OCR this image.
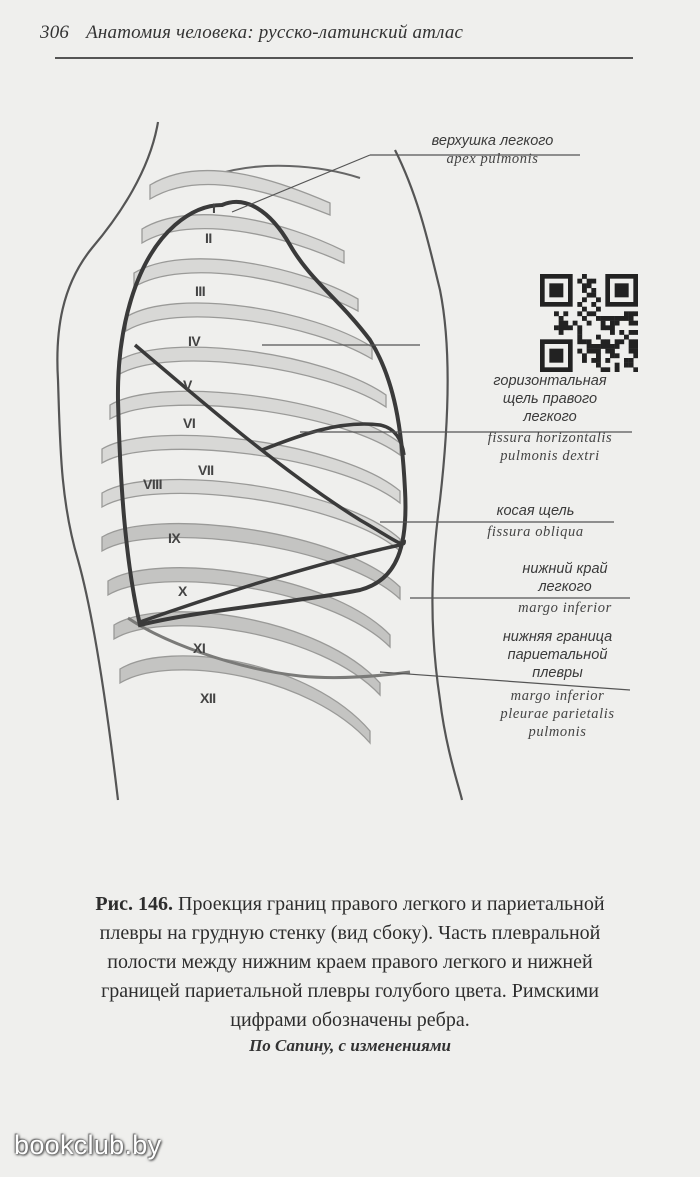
306 Анатомия человека: русско-латинский атлас
I
II
III
IV
V
VI
VII
VIII
IX
X
XI
XII
верхушка легкого
apex pulmonis
горизонтальная
щель правого
легкого
fissura horizontalis
pulmonis dextri
косая щель
fissura obliqua
нижний край
легкого
margo inferior
нижняя граница
париетальной
плевры
margo inferior
pleurae parietalis
pulmonis
Рис. 146. Проекция границ правого легкого и париетальной плевры на грудную стенку (вид сбоку). Часть плевральной полости между нижним краем правого легкого и нижней границей париетальной плевры голубого цвета. Римскими цифрами обозначены ребра.
По Сапину, с изменениями
bookclub.by
